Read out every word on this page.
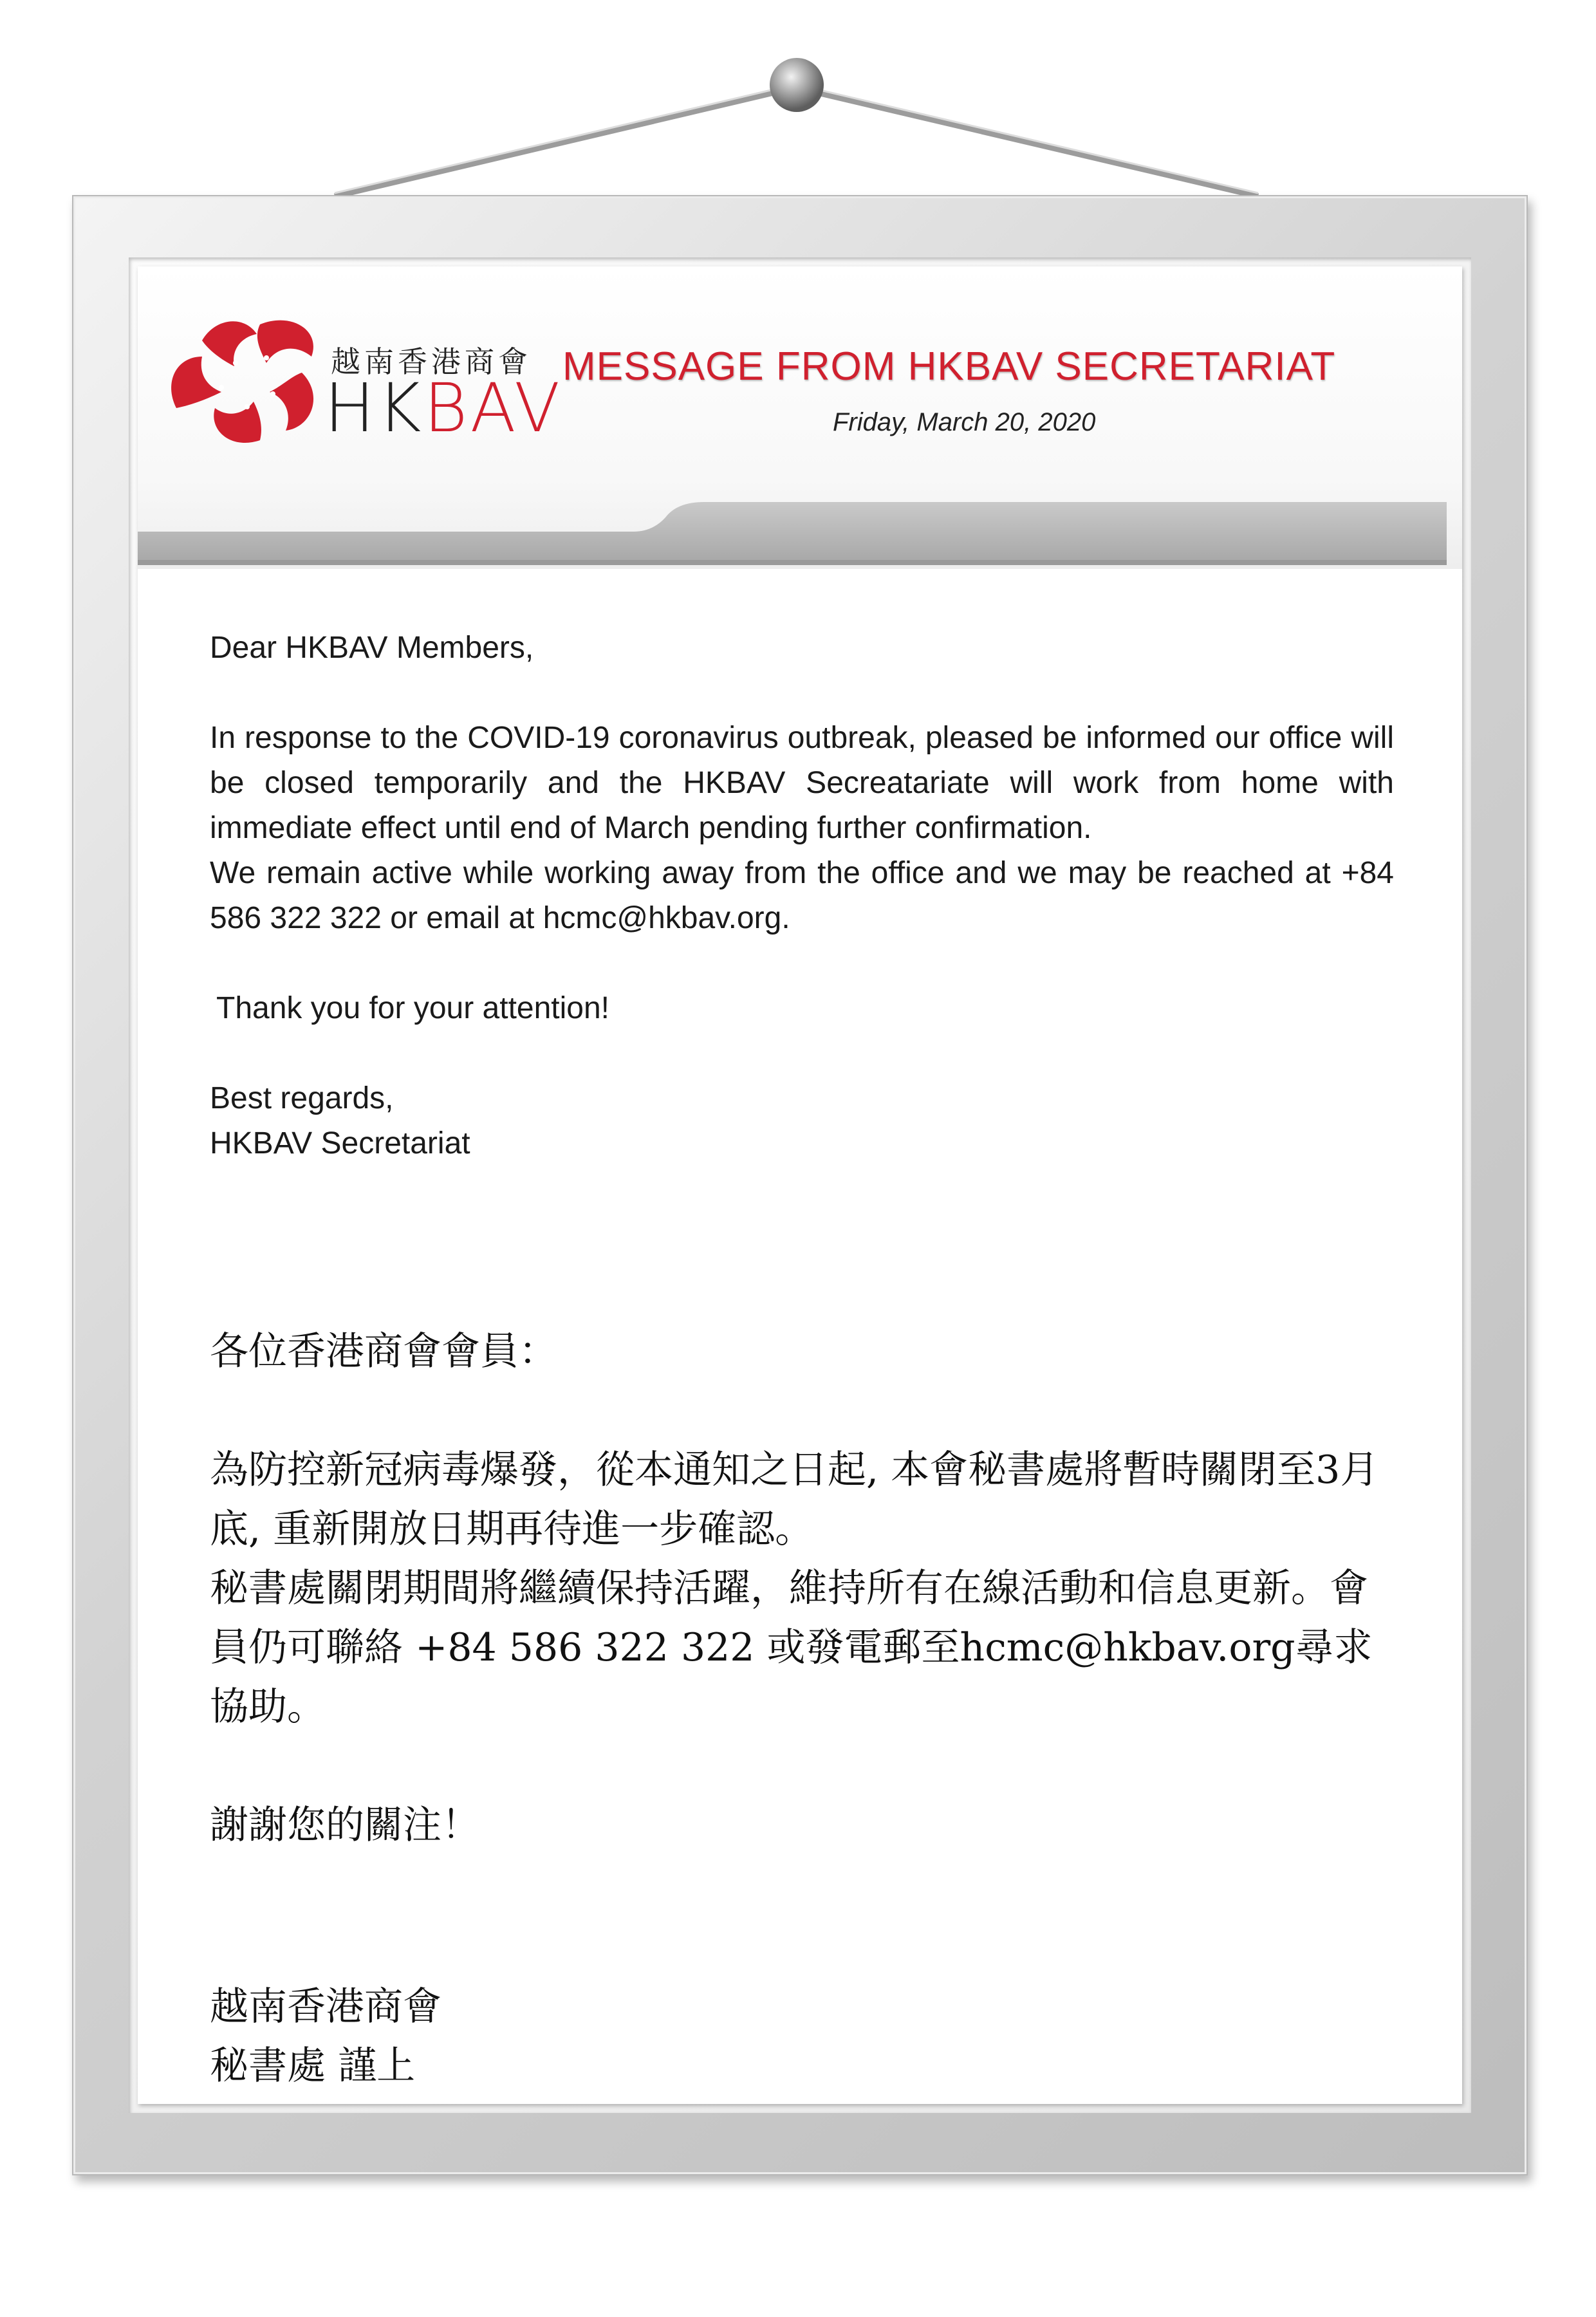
越南香港商會
HKBAV
MESSAGE FROM HKBAV SECRETARIAT
Friday, March 20, 2020

Dear HKBAV Members,

In response to the COVID-19 coronavirus outbreak, pleased be informed our office will be closed temporarily and the HKBAV Secreatariate will work from home with immediate effect until end of March pending further confirmation.

We remain active while working away from the office and we may be reached at +84 586 322 322 or email at hcmc@hkbav.org.

Thank you for your attention!

Best regards,

HKBAV Secretariat

各位香港商會會員：

為防控新冠病毒爆發，從本通知之日起, 本會秘書處將暫時關閉至3月底, 重新開放日期再待進一步確認。

秘書處關閉期間將繼續保持活躍，維持所有在線活動和信息更新。會員仍可聯絡 +84 586 322 322 或發電郵至hcmc@hkbav.org尋求協助。

謝謝您的關注！

越南香港商會

秘書處 謹上
